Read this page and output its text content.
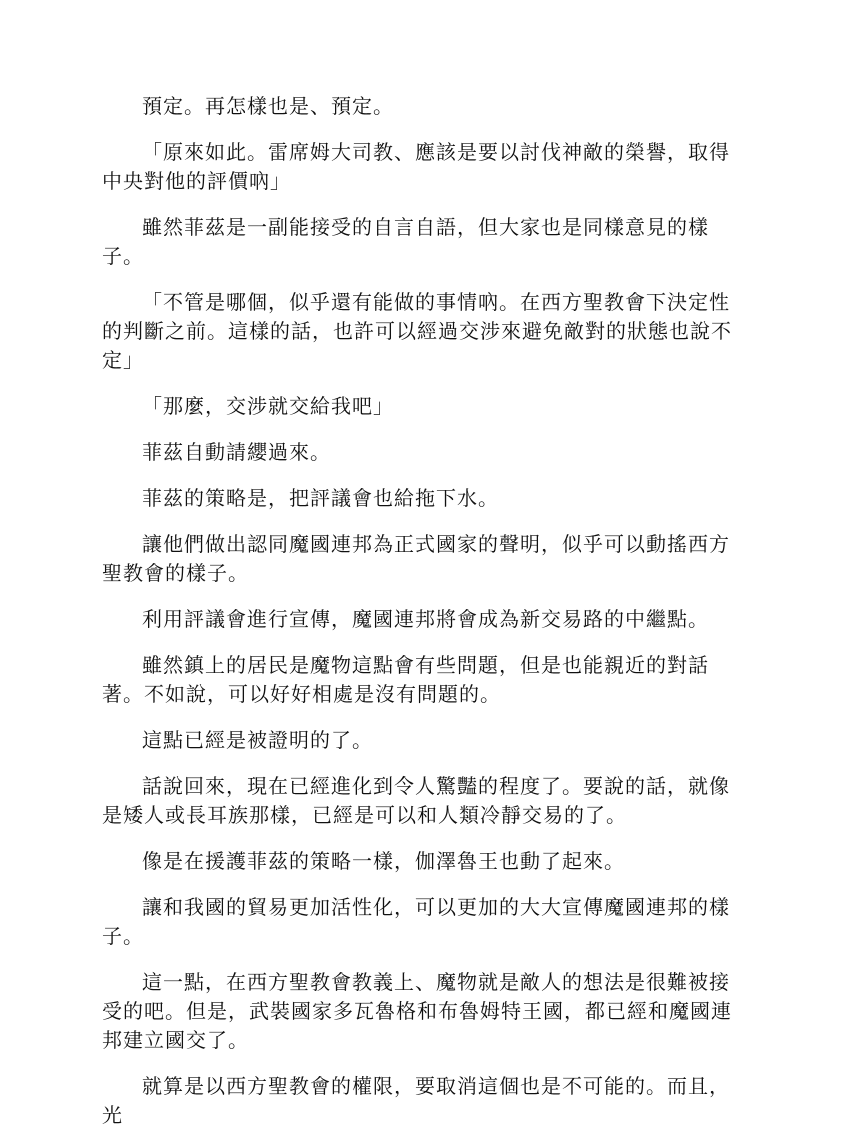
預定。再怎樣也是、預定。

「原來如此。雷席姆大司教、應該是要以討伐神敵的榮譽，取得中央對他的評價吶」

雖然菲茲是一副能接受的自言自語，但大家也是同樣意見的樣子。

「不管是哪個，似乎還有能做的事情吶。在西方聖教會下決定性的判斷之前。這樣的話，也許可以經過交涉來避免敵對的狀態也說不定」

「那麼，交涉就交給我吧」

菲茲自動請纓過來。

菲茲的策略是，把評議會也給拖下水。

讓他們做出認同魔國連邦為正式國家的聲明，似乎可以動搖西方聖教會的樣子。

利用評議會進行宣傳，魔國連邦將會成為新交易路的中繼點。

雖然鎮上的居民是魔物這點會有些問題，但是也能親近的對話著。不如說，可以好好相處是沒有問題的。

這點已經是被證明的了。

話說回來，現在已經進化到令人驚豔的程度了。要說的話，就像是矮人或長耳族那樣，已經是可以和人類冷靜交易的了。

像是在援護菲茲的策略一樣，伽澤魯王也動了起來。

讓和我國的貿易更加活性化，可以更加的大大宣傳魔國連邦的樣子。

這一點，在西方聖教會教義上、魔物就是敵人的想法是很難被接受的吧。但是，武裝國家多瓦魯格和布魯姆特王國，都已經和魔國連邦建立國交了。

就算是以西方聖教會的權限，要取消這個也是不可能的。而且，光
